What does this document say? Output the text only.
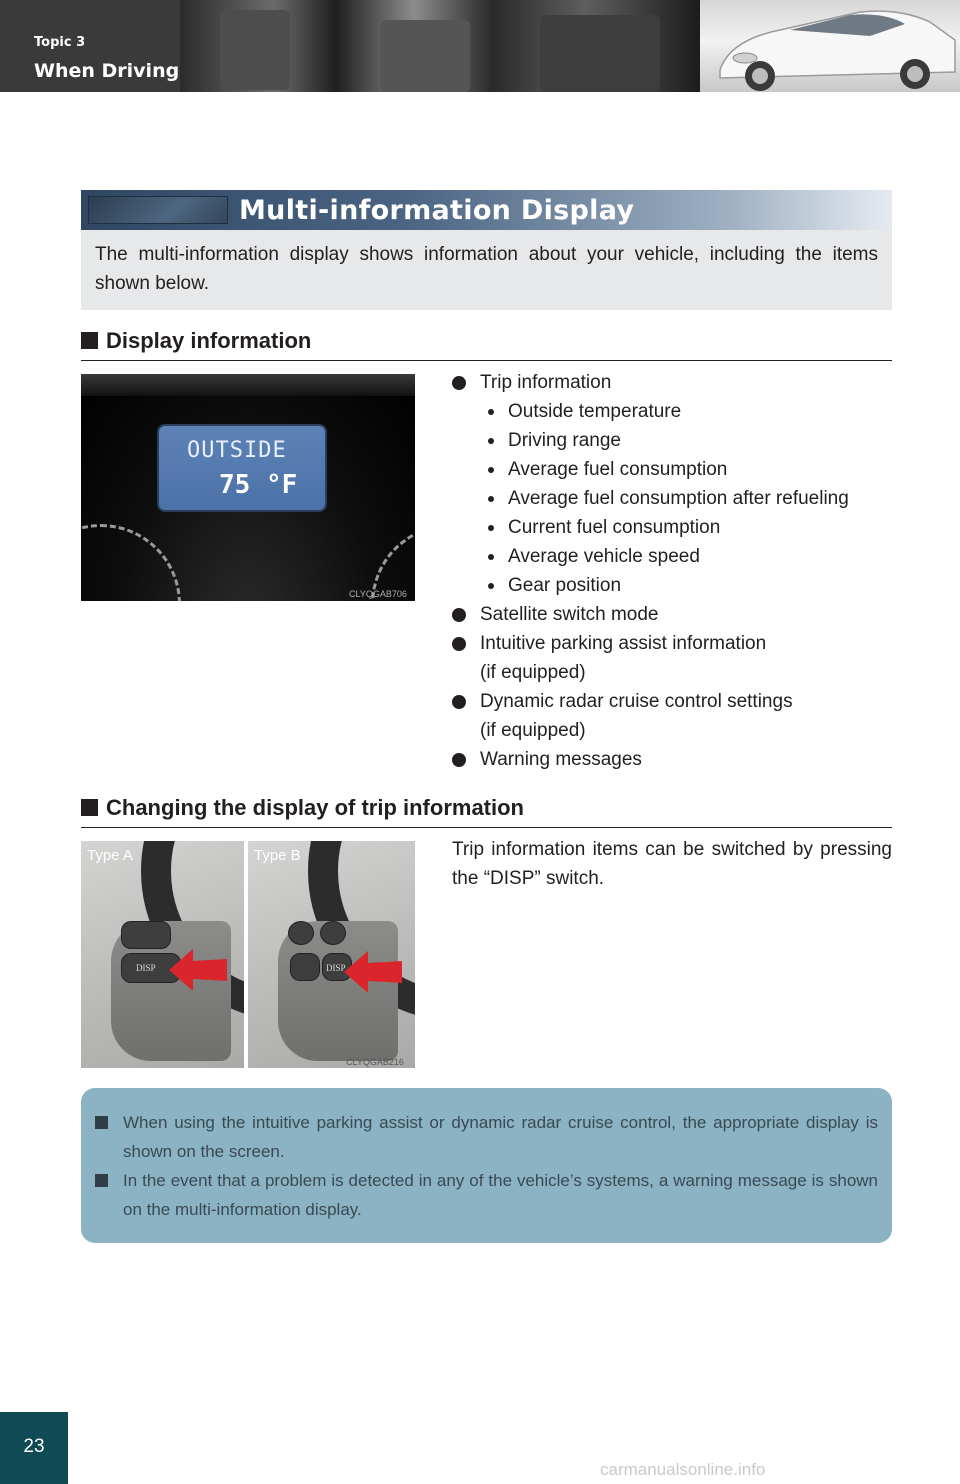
Topic 3
When Driving
Multi-information Display

The multi-information display shows information about your vehicle, including the items shown below.

Display information
OUTSIDE
75 °F
CLYQGAB706
Trip information
Outside temperature
Driving range
Average fuel consumption
Average fuel consumption after refueling
Current fuel consumption
Average vehicle speed
Gear position
Satellite switch mode
Intuitive parking assist information
(if equipped)
Dynamic radar cruise control settings
(if equipped)
Warning messages
Changing the display of trip information
DISP
Type A
DISP
Type B
CLYQGAB216
Trip information items can be switched by pressing the “DISP” switch.
When using the intuitive parking assist or dynamic radar cruise control, the appropriate display is shown on the screen.
In the event that a problem is detected in any of the vehicle’s systems, a warning message is shown on the multi-information display.
23
carmanualsonline.info
